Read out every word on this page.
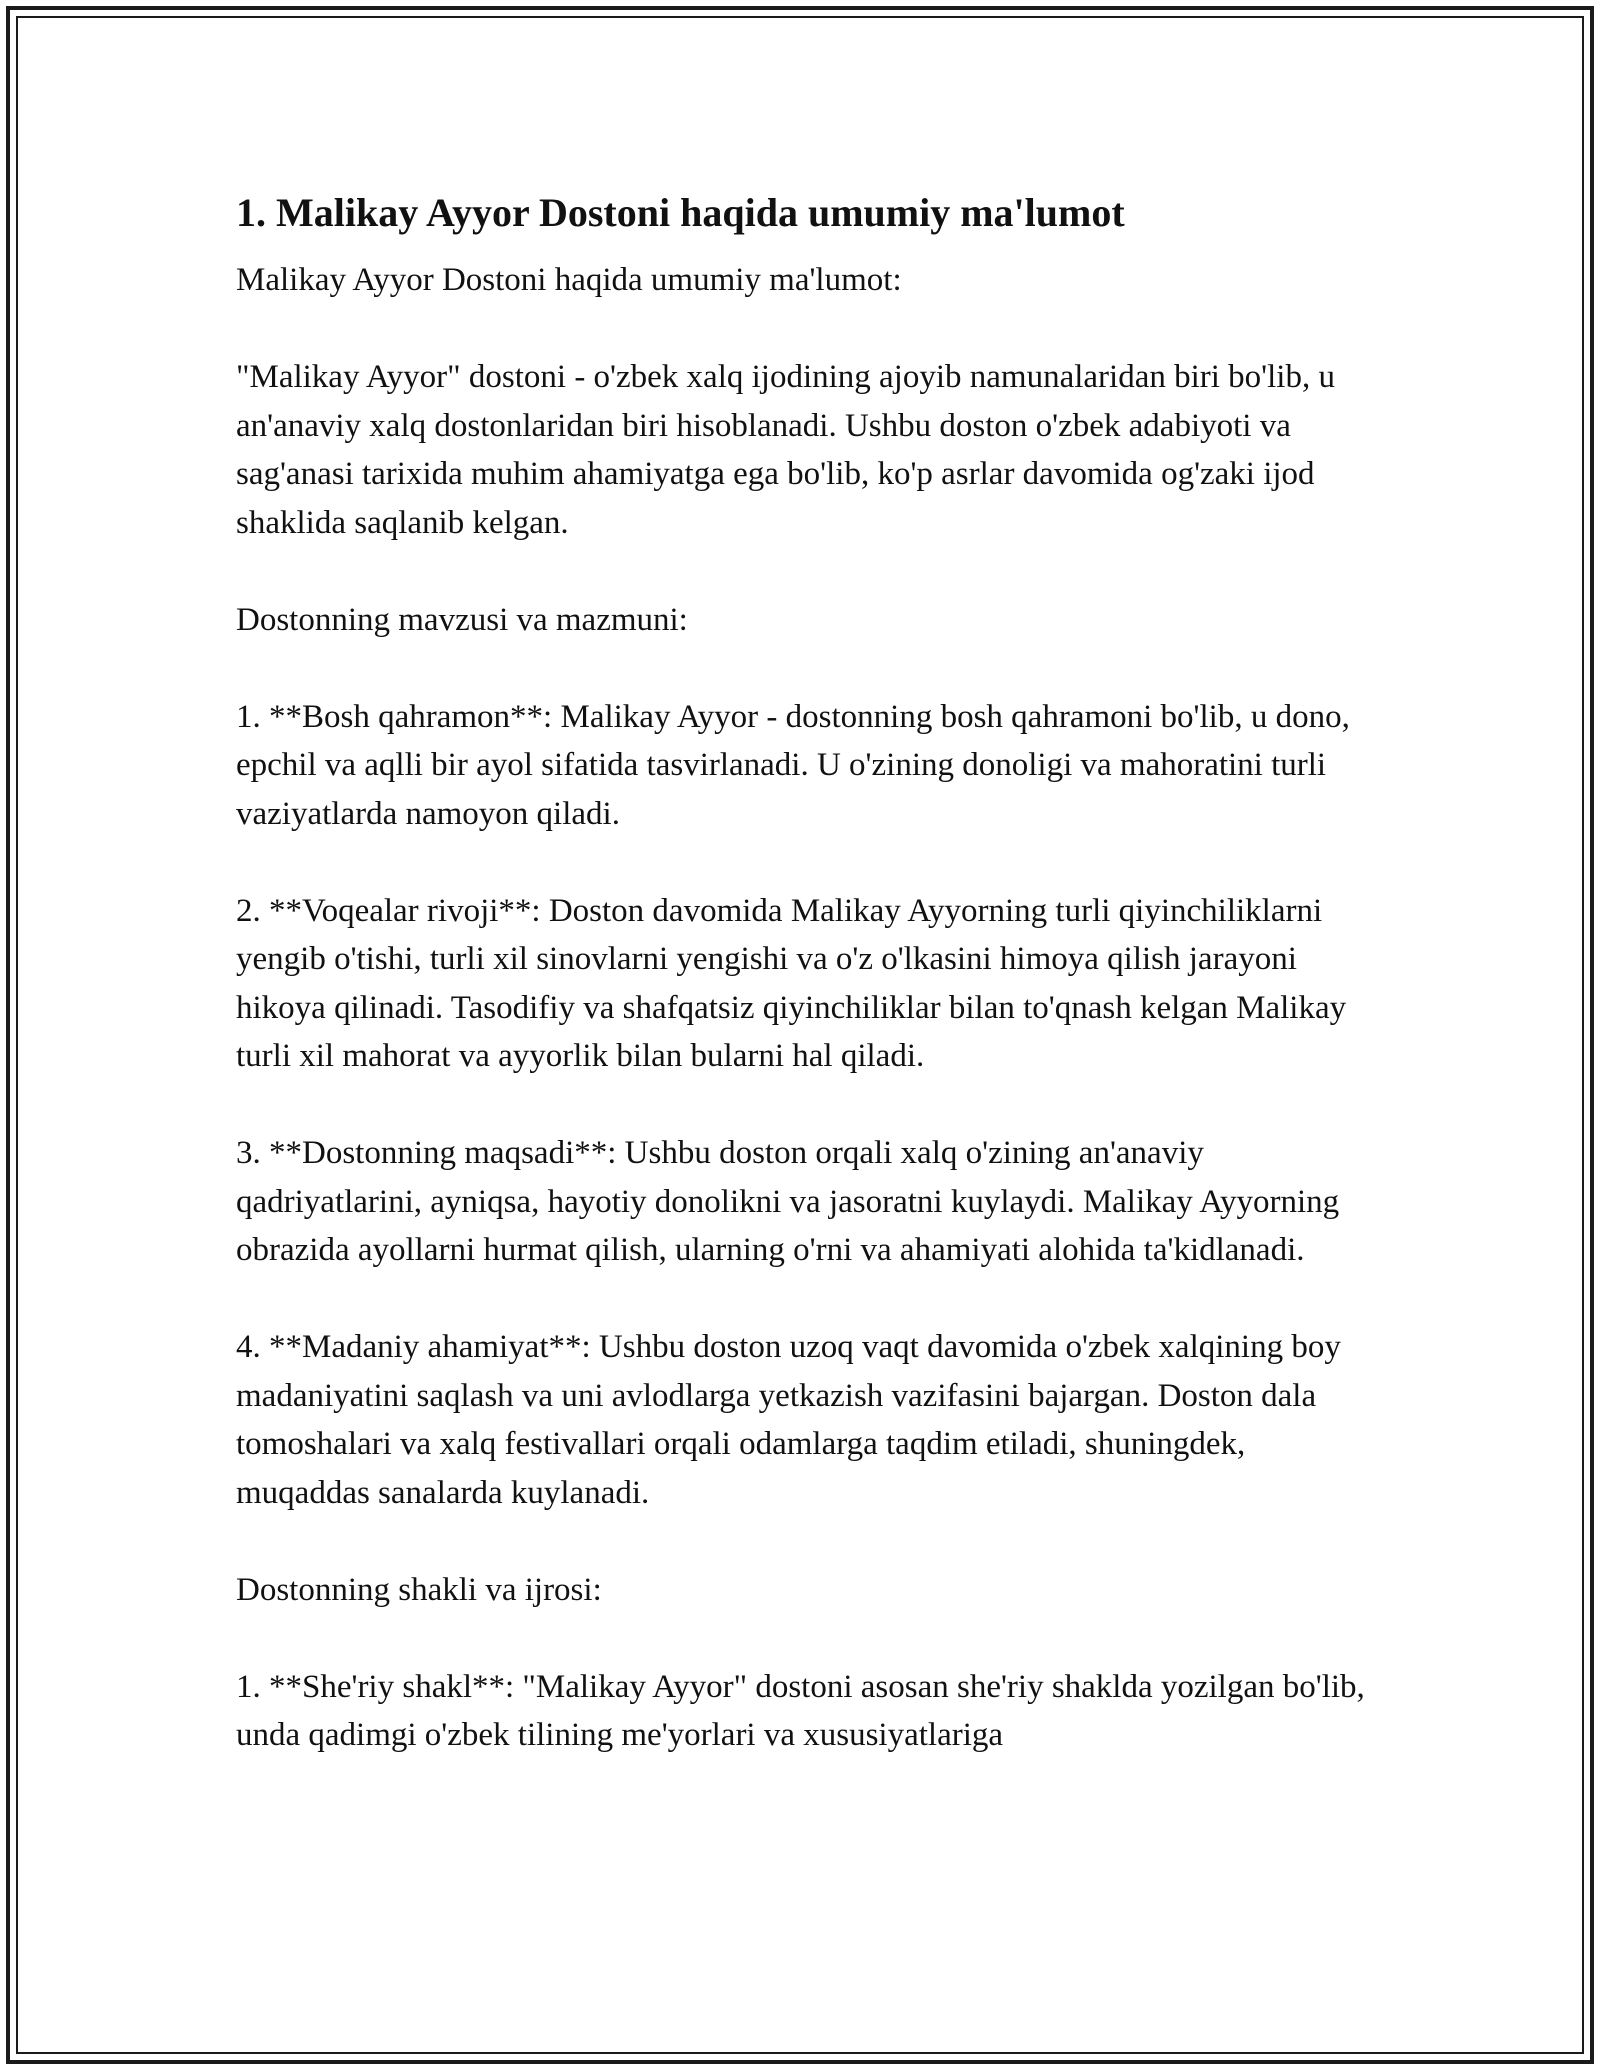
1. Malikay Ayyor Dostoni haqida umumiy ma'lumot

Malikay Ayyor Dostoni haqida umumiy ma'lumot:

"Malikay Ayyor" dostoni - o'zbek xalq ijodining ajoyib namunalaridan biri bo'lib, u an'anaviy xalq dostonlaridan biri hisoblanadi. Ushbu doston o'zbek adabiyoti va sag'anasi tarixida muhim ahamiyatga ega bo'lib, ko'p asrlar davomida og'zaki ijod shaklida saqlanib kelgan.

Dostonning mavzusi va mazmuni:

1. **Bosh qahramon**: Malikay Ayyor - dostonning bosh qahramoni bo'lib, u dono, epchil va aqlli bir ayol sifatida tasvirlanadi. U o'zining donoligi va mahoratini turli vaziyatlarda namoyon qiladi.

2. **Voqealar rivoji**: Doston davomida Malikay Ayyorning turli qiyinchiliklarni yengib o'tishi, turli xil sinovlarni yengishi va o'z o'lkasini himoya qilish jarayoni hikoya qilinadi. Tasodifiy va shafqatsiz qiyinchiliklar bilan to'qnash kelgan Malikay turli xil mahorat va ayyorlik bilan bularni hal qiladi.

3. **Dostonning maqsadi**: Ushbu doston orqali xalq o'zining an'anaviy qadriyatlarini, ayniqsa, hayotiy donolikni va jasoratni kuylaydi. Malikay Ayyorning obrazida ayollarni hurmat qilish, ularning o'rni va ahamiyati alohida ta'kidlanadi.

4. **Madaniy ahamiyat**: Ushbu doston uzoq vaqt davomida o'zbek xalqining boy madaniyatini saqlash va uni avlodlarga yetkazish vazifasini bajargan. Doston dala tomoshalari va xalq festivallari orqali odamlarga taqdim etiladi, shuningdek, muqaddas sanalarda kuylanadi.

Dostonning shakli va ijrosi:

1. **She'riy shakl**: "Malikay Ayyor" dostoni asosan she'riy shaklda yozilgan bo'lib, unda qadimgi o'zbek tilining me'yorlari va xususiyatlariga
